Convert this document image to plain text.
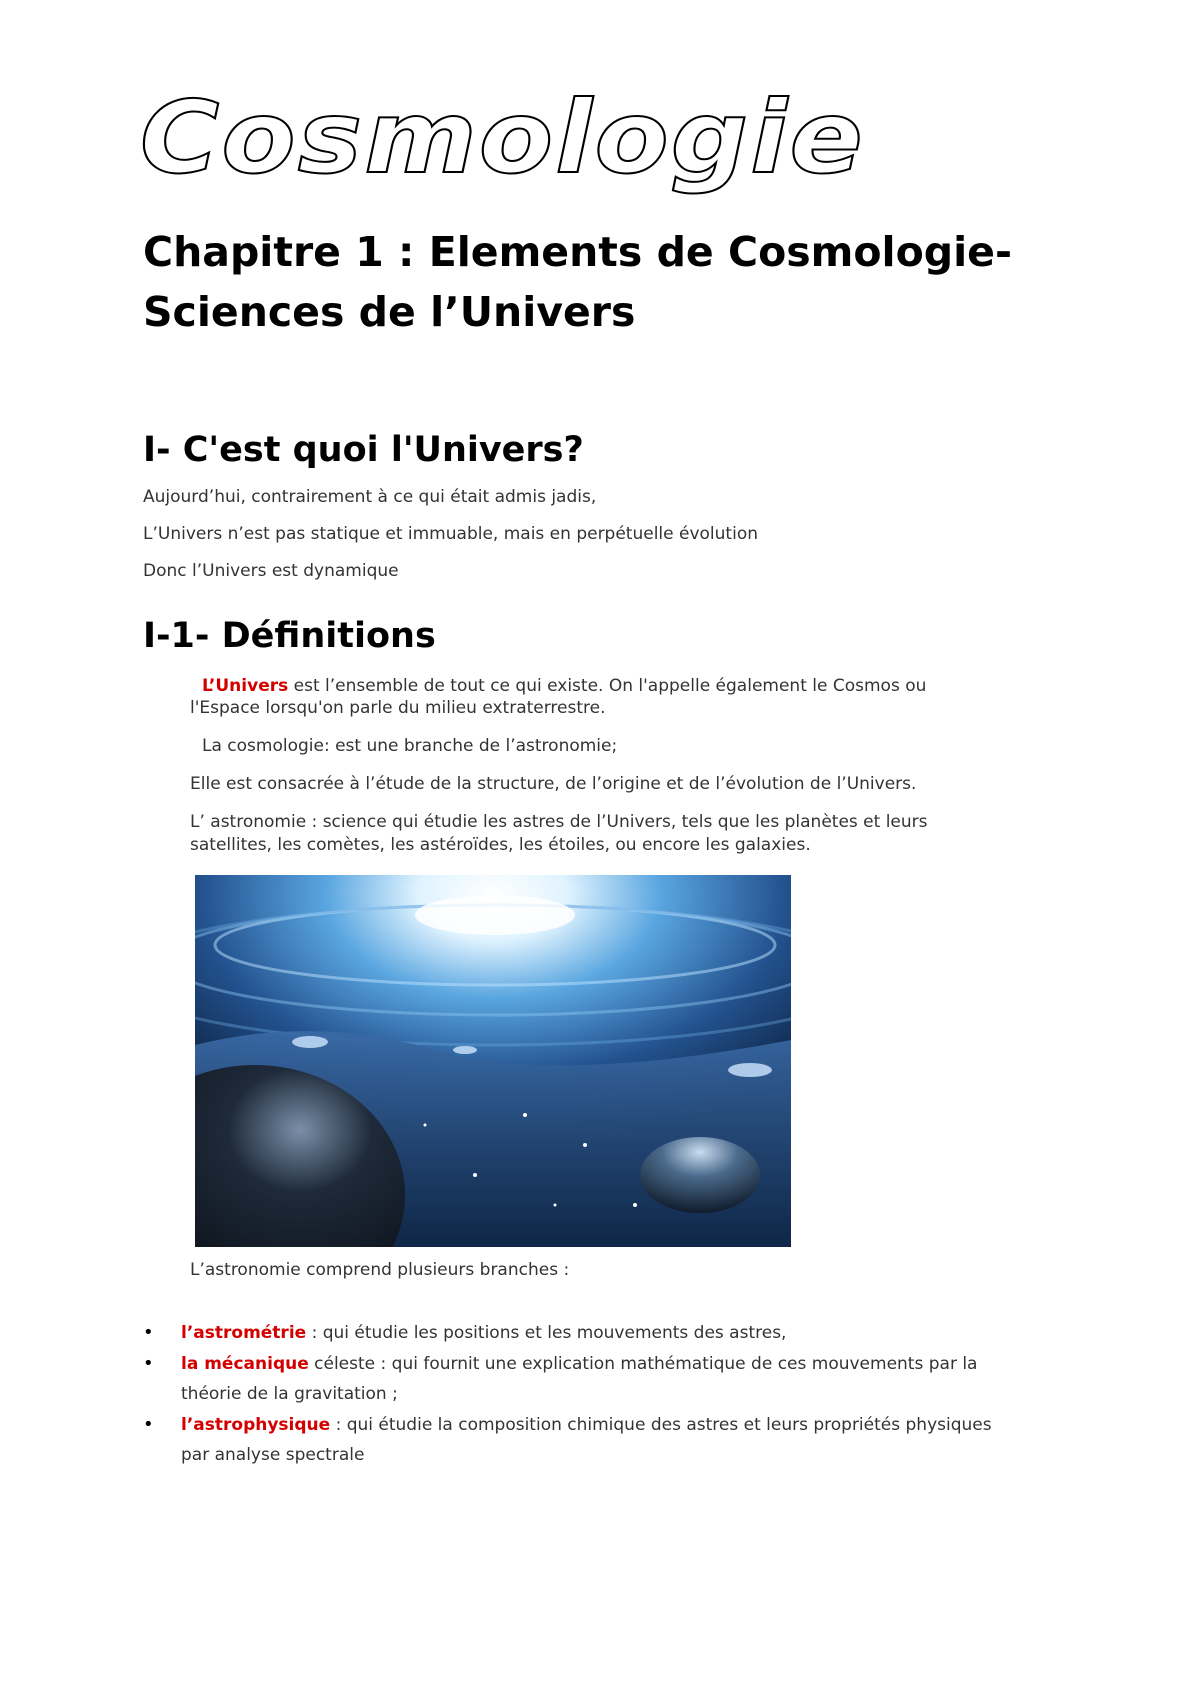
Cosmologie
Chapitre 1 : Elements de Cosmologie-
Sciences de l’Univers
I- C'est quoi l'Univers?
Aujourd’hui, contrairement à ce qui était admis jadis,
L’Univers n’est pas statique et immuable, mais en perpétuelle évolution
Donc l’Univers est dynamique
I-1- Définitions
L’Univers est l’ensemble de tout ce qui existe. On l'appelle également le Cosmos ou
l'Espace lorsqu'on parle du milieu extraterrestre.
La cosmologie: est une branche de l’astronomie;
Elle est consacrée à l’étude de la structure, de l’origine et de l’évolution de l’Univers.
L’ astronomie : science qui étudie les astres de l’Univers, tels que les planètes et leurs
satellites, les comètes, les astéroïdes, les étoiles, ou encore les galaxies.
L’astronomie comprend plusieurs branches :
• l’astrométrie : qui étudie les positions et les mouvements des astres,
• la mécanique céleste : qui fournit une explication mathématique de ces mouvements par la
théorie de la gravitation ;
• l’astrophysique : qui étudie la composition chimique des astres et leurs propriétés physiques
par analyse spectrale
